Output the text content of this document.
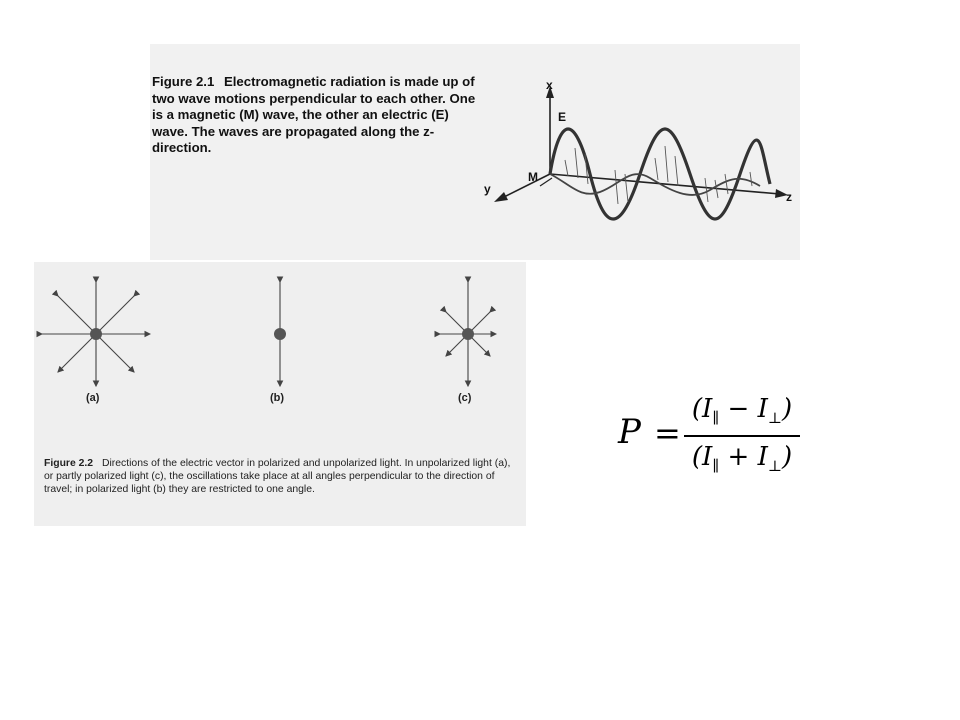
Figure 2.1 Electromagnetic radiation is made up of two wave motions perpendicular to each other. One is a magnetic (M) wave, the other an electric (E) wave. The waves are propagated along the z-direction.
x
E
y
M
z
(a)	(b)	(c)
Figure 2.2 Directions of the electric vector in polarized and unpolarized light. In unpolarized light (a), or partly polarized light (c), the oscillations take place at all angles perpendicular to the direction of travel; in polarized light (b) they are restricted to one angle.
P =
$(I_\parallel - I_\perp)$
$(I_\parallel + I_\perp)$
